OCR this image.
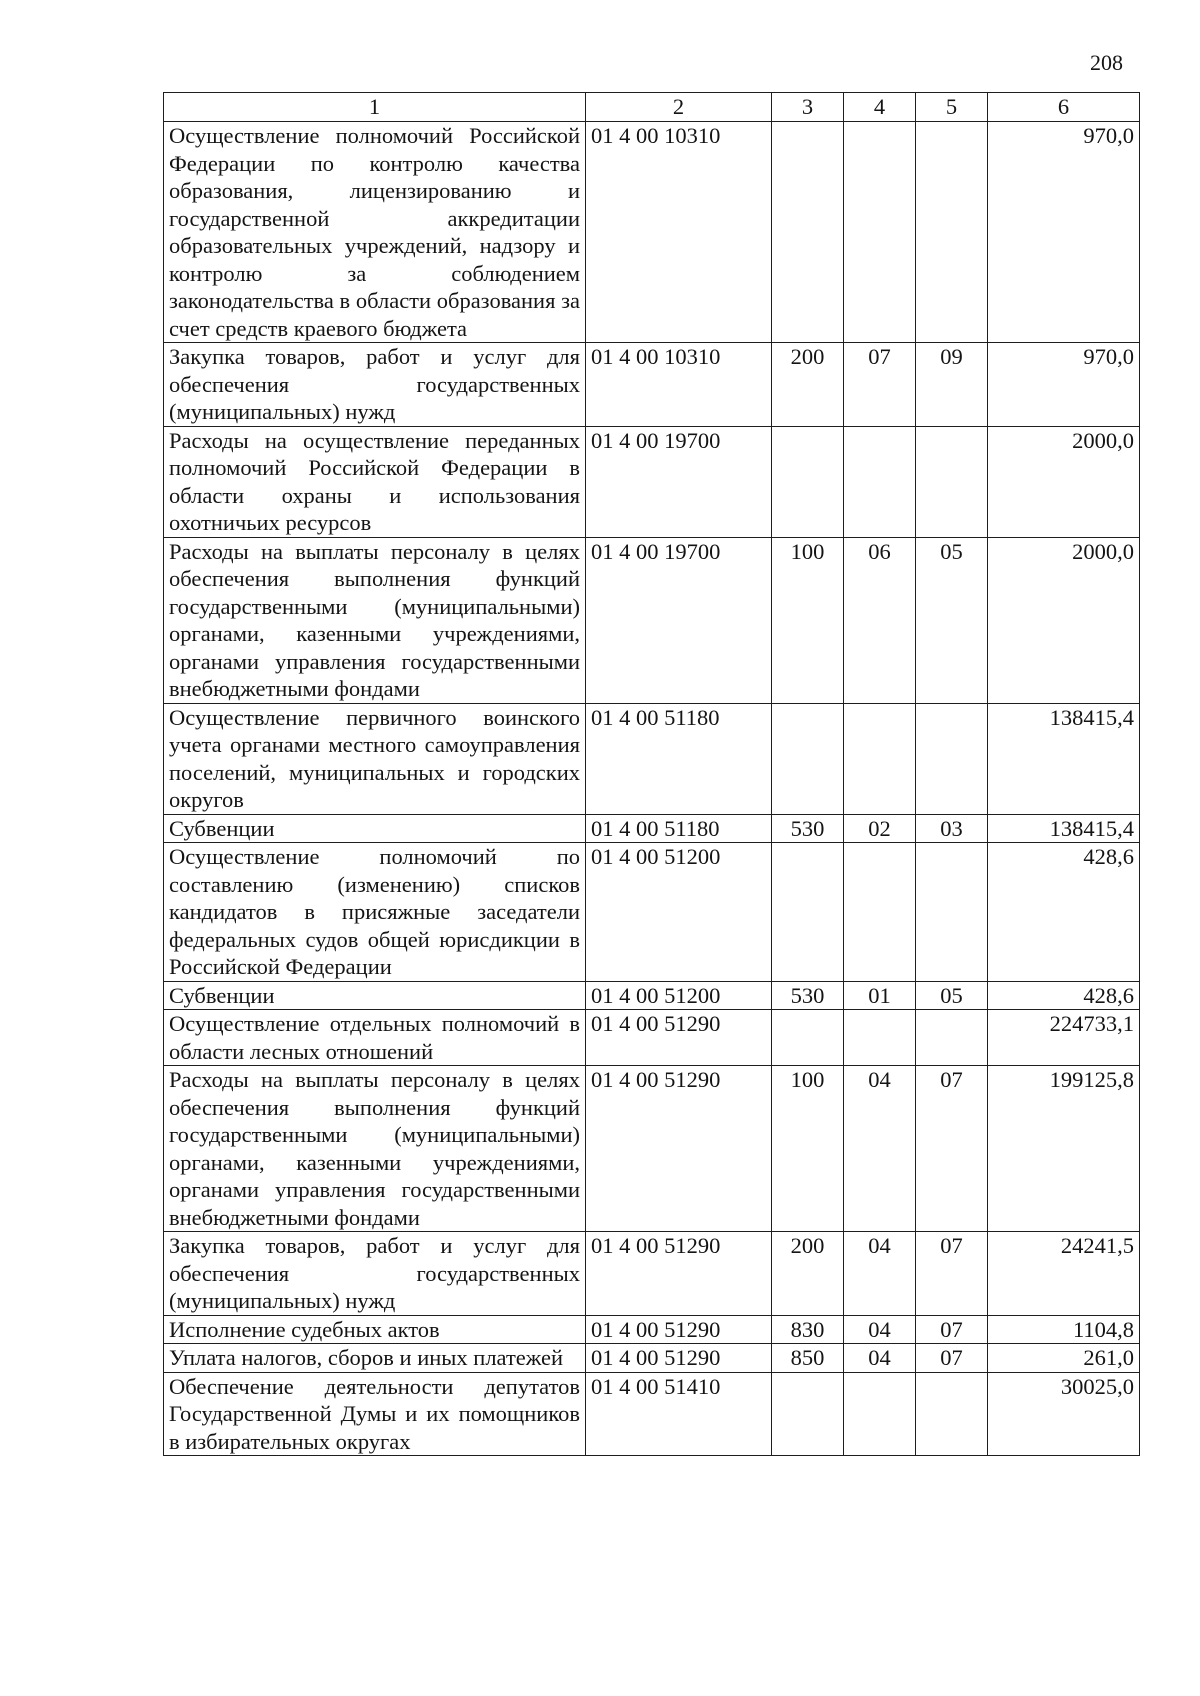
208
1	2	3	4	5	6
Осуществление полномочий Российской Федерации по контролю качества образования, лицензированию и государственной аккредитации образовательных учреждений, надзору и контролю за соблюдением законодательства в области образования за счет средств краевого бюджета	01 4 00 10310				970,0
Закупка товаров, работ и услуг для обеспечения государственных (муниципальных) нужд	01 4 00 10310	200	07	09	970,0
Расходы на осуществление переданных полномочий Российской Федерации в области охраны и использования охотничьих ресурсов	01 4 00 19700				2000,0
Расходы на выплаты персоналу в целях обеспечения выполнения функций государственными (муниципальными) органами, казенными учреждениями, органами управления государственными внебюджетными фондами	01 4 00 19700	100	06	05	2000,0
Осуществление первичного воинского учета органами местного самоуправления поселений, муниципальных и городских округов	01 4 00 51180				138415,4
Субвенции	01 4 00 51180	530	02	03	138415,4
Осуществление полномочий по составлению (изменению) списков кандидатов в присяжные заседатели федеральных судов общей юрисдикции в Российской Федерации	01 4 00 51200				428,6
Субвенции	01 4 00 51200	530	01	05	428,6
Осуществление отдельных полномочий в области лесных отношений	01 4 00 51290				224733,1
Расходы на выплаты персоналу в целях обеспечения выполнения функций государственными (муниципальными) органами, казенными учреждениями, органами управления государственными внебюджетными фондами	01 4 00 51290	100	04	07	199125,8
Закупка товаров, работ и услуг для обеспечения государственных (муниципальных) нужд	01 4 00 51290	200	04	07	24241,5
Исполнение судебных актов	01 4 00 51290	830	04	07	1104,8
Уплата налогов, сборов и иных платежей	01 4 00 51290	850	04	07	261,0
Обеспечение деятельности депутатов Государственной Думы и их помощников в избирательных округах	01 4 00 51410				30025,0
